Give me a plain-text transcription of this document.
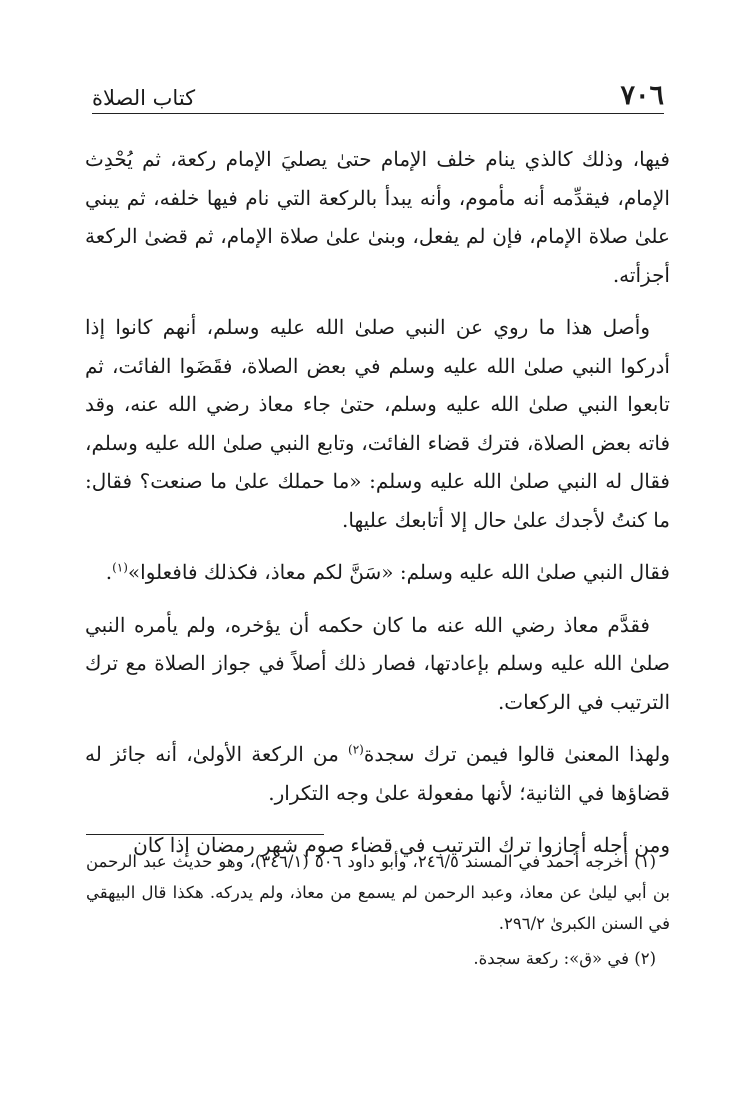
٧٠٦
كتاب الصلاة

فيها، وذلك كالذي ينام خلف الإمام حتىٰ يصليَ الإمام ركعة، ثم يُحْدِث الإمام، فيقدِّمه أنه مأموم، وأنه يبدأ بالركعة التي نام فيها خلفه، ثم يبني علىٰ صلاة الإمام، فإن لم يفعل، وبنىٰ علىٰ صلاة الإمام، ثم قضىٰ الركعة أجزأته.

وأصل هذا ما روي عن النبي صلىٰ الله عليه وسلم، أنهم كانوا إذا أدركوا النبي صلىٰ الله عليه وسلم في بعض الصلاة، فقَضَوا الفائت، ثم تابعوا النبي صلىٰ الله عليه وسلم، حتىٰ جاء معاذ رضي الله عنه، وقد فاته بعض الصلاة، فترك قضاء الفائت، وتابع النبي صلىٰ الله عليه وسلم، فقال له النبي صلىٰ الله عليه وسلم: «ما حملك علىٰ ما صنعت؟ فقال: ما كنتُ لأجدك علىٰ حال إلا أتابعك عليها.

فقال النبي صلىٰ الله عليه وسلم: «سَنَّ لكم معاذ، فكذلك فافعلوا»$^{(١)}$.

فقدَّم معاذ رضي الله عنه ما كان حكمه أن يؤخره، ولم يأمره النبي صلىٰ الله عليه وسلم بإعادتها، فصار ذلك أصلاً في جواز الصلاة مع ترك الترتيب في الركعات.

ولهذا المعنىٰ قالوا فيمن ترك سجدة$^{(٢)}$ من الركعة الأولىٰ، أنه جائز له قضاؤها في الثانية؛ لأنها مفعولة علىٰ وجه التكرار.

ومن أجله أجازوا ترك الترتيب في قضاء صوم شهر رمضان إذا كان

(١) أخرجه أحمد في المسند ٢٤٦/٥، وأبو داود ٥٠٦ (٣٤٦/١)، وهو حديث عبد الرحمن بن أبي ليلىٰ عن معاذ، وعبد الرحمن لم يسمع من معاذ، ولم يدركه. هكذا قال البيهقي في السنن الكبرىٰ ٢٩٦/٢.

(٢) في «ق»: ركعة سجدة.
